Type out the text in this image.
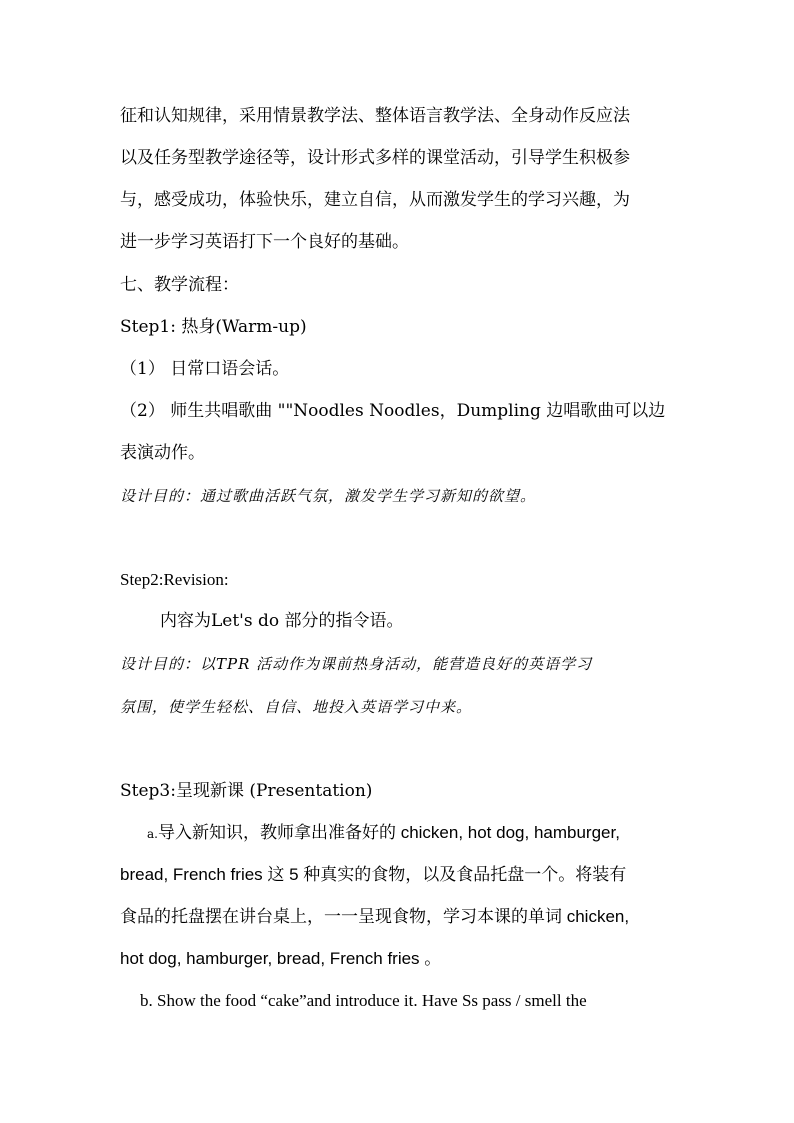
征和认知规律，采用情景教学法、整体语言教学法、全身动作反应法
以及任务型教学途径等，设计形式多样的课堂活动，引导学生积极参
与，感受成功，体验快乐，建立自信，从而激发学生的学习兴趣，为
进一步学习英语打下一个良好的基础。
七、教学流程：
Step1: 热身(Warm-up)
（1） 日常口语会话。
（2） 师生共唱歌曲 ""Noodles Noodles，Dumpling 边唱歌曲可以边
表演动作。
设计目的：通过歌曲活跃气氛，激发学生学习新知的欲望。
Step2:Revision:
内容为Let's do 部分的指令语。
设计目的：以TPR 活动作为课前热身活动，能营造良好的英语学习
氛围，使学生轻松、自信、地投入英语学习中来。
Step3:呈现新课 (Presentation)
a.导入新知识，教师拿出准备好的 chicken, hot dog, hamburger,
bread, French fries 这 5 种真实的食物，以及食品托盘一个。将装有
食品的托盘摆在讲台桌上，一一呈现食物，学习本课的单词 chicken,
hot dog, hamburger, bread, French fries 。
b. Show the food “cake”and introduce it. Have Ss pass / smell the
